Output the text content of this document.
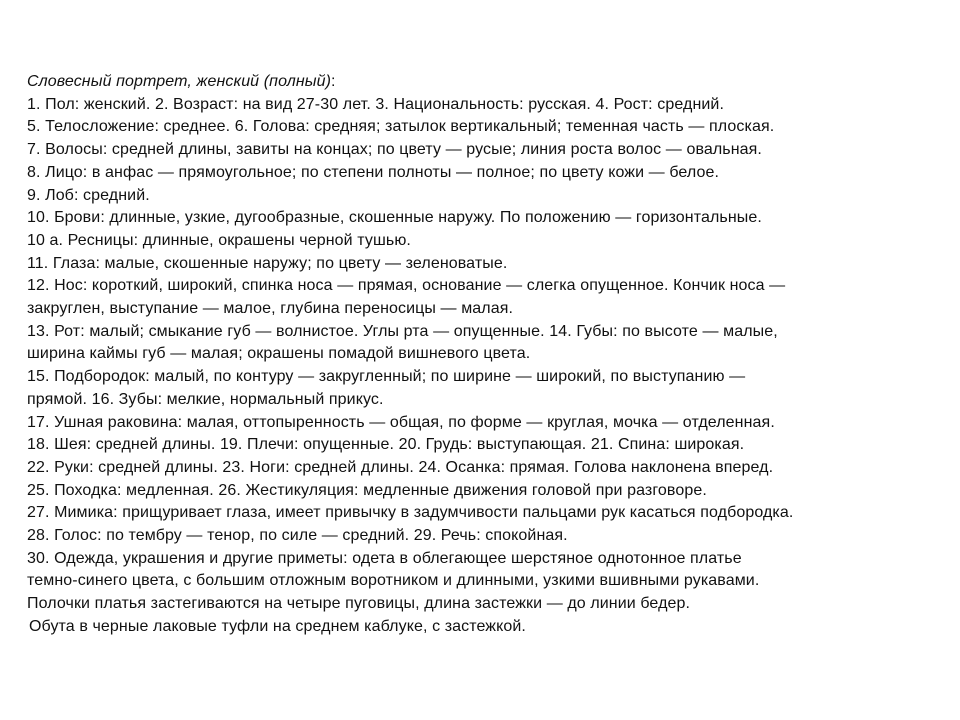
Словесный портрет, женский (полный):
1. Пол: женский. 2. Возраст: на вид 27-30 лет. 3. Национальность: русская. 4. Рост: средний.
5. Телосложение: среднее. 6. Голова: средняя; затылок вертикальный; теменная часть — плоская.
7. Волосы: средней длины, завиты на концах; по цвету — русые; линия роста волос — овальная.
8. Лицо: в анфас — прямоугольное; по степени полноты — полное; по цвету кожи — белое.
9. Лоб: средний.
10. Брови: длинные, узкие, дугообразные, скошенные наружу. По положению — горизонтальные.
10 а. Ресницы: длинные, окрашены черной тушью.
11. Глаза: малые, скошенные наружу; по цвету — зеленоватые.
12. Нос: короткий, широкий, спинка носа — прямая, основание — слегка опущенное. Кончик носа —
закруглен, выступание — малое, глубина переносицы — малая.
13. Рот: малый; смыкание губ — волнистое. Углы рта — опущенные. 14. Губы: по высоте — малые,
ширина каймы губ — малая; окрашены помадой вишневого цвета.
15. Подбородок: малый, по контуру — закругленный; по ширине — широкий, по выступанию —
прямой. 16. Зубы: мелкие, нормальный прикус.
17. Ушная раковина: малая, оттопыренность — общая, по форме — круглая, мочка — отделенная.
18. Шея: средней длины. 19. Плечи: опущенные. 20. Грудь: выступающая. 21. Спина: широкая.
22. Руки: средней длины. 23. Ноги: средней длины. 24. Осанка: прямая. Голова наклонена вперед.
25. Походка: медленная. 26. Жестикуляция: медленные движения головой при разговоре.
27. Мимика: прищуривает глаза, имеет привычку в задумчивости пальцами рук касаться подбородка.
28. Голос: по тембру — тенор, по силе — средний. 29. Речь: спокойная.
30. Одежда, украшения и другие приметы: одета в облегающее шерстяное однотонное платье
темно-синего цвета, с большим отложным воротником и длинными, узкими вшивными рукавами.
Полочки платья застегиваются на четыре пуговицы, длина застежки — до линии бедер.
Обута в черные лаковые туфли на среднем каблуке, с застежкой.
